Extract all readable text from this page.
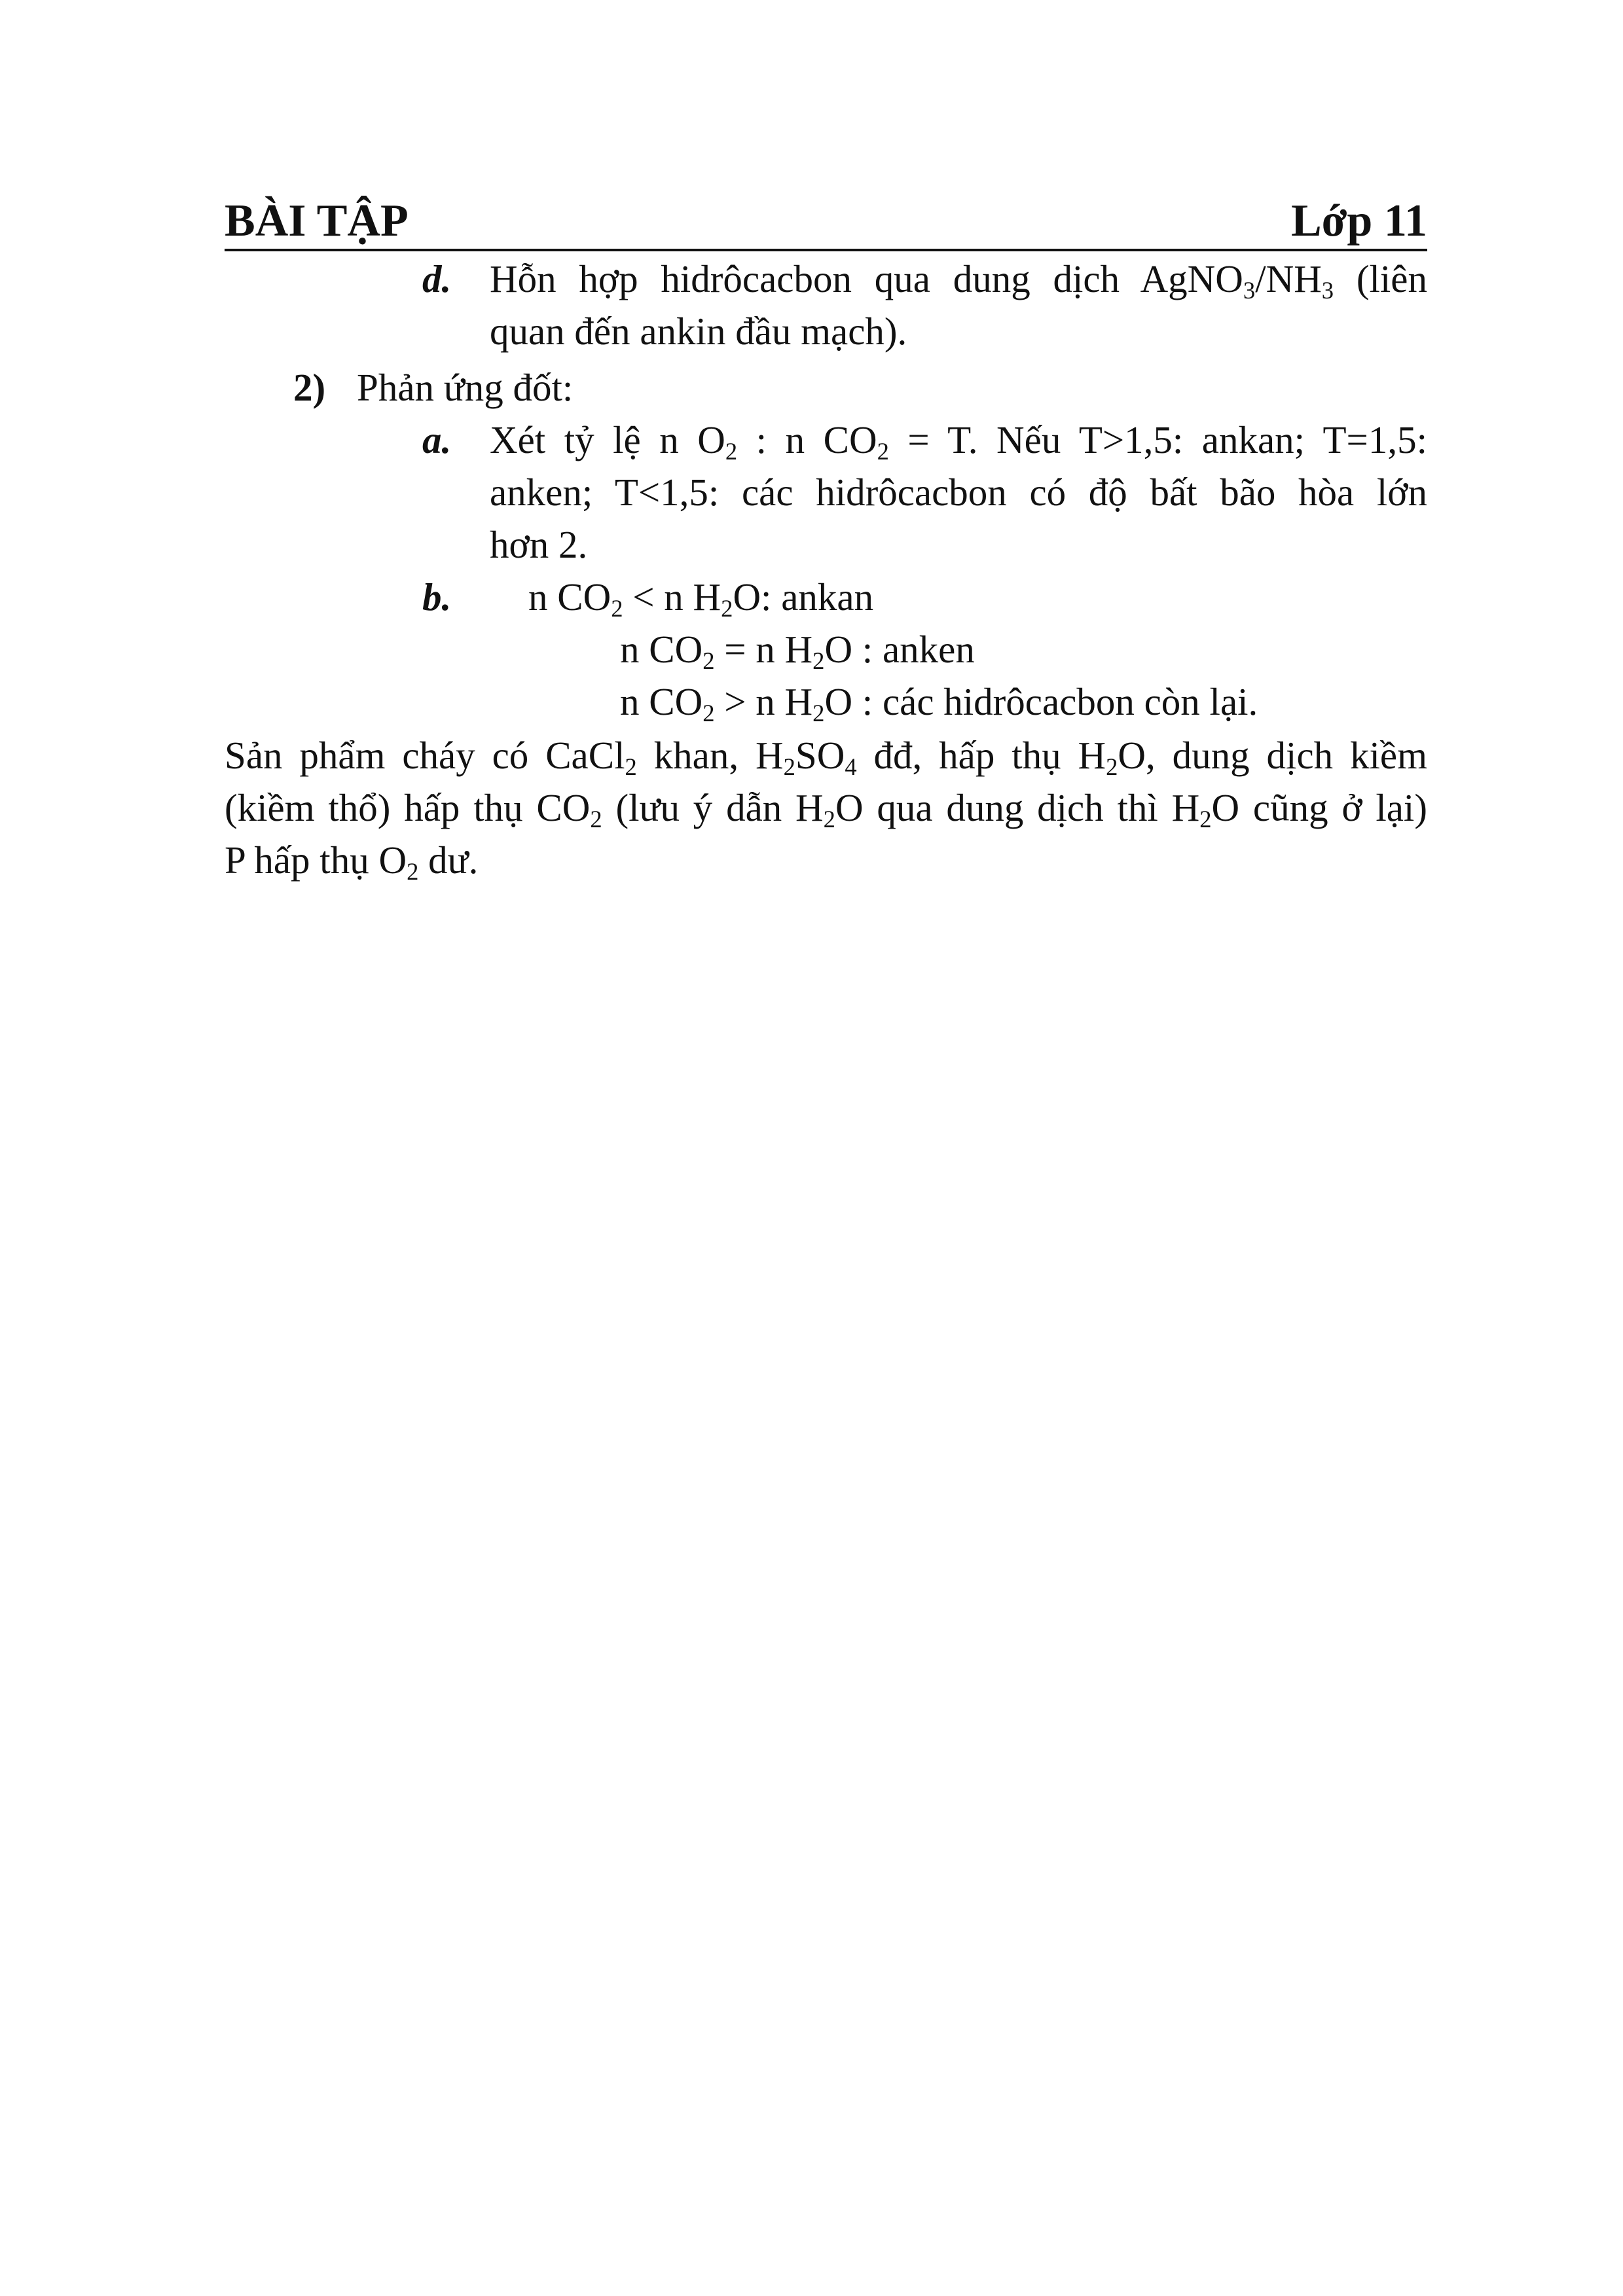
BÀI TẬP	Lớp 11
d. Hỗn hợp hidrôcacbon qua dung dịch $AgNO_3/NH_3$ (liên
quan đến ankin đầu mạch).
2) Phản ứng đốt:
a. Xét tỷ lệ n $O_2$ : n $CO_2 = T$. Nếu T>1,5: ankan; T=1,5:
anken; T<1,5: các hidrôcacbon có độ bất bão hòa lớn
hơn 2.
b. n $CO_2 < n$ $H_2O$: ankan
n $CO_2 = n$ $H_2O$ : anken
n $CO_2 > n$ $H_2O$ : các hidrôcacbon còn lại.
Sản phẩm cháy có CaCl$_2$ khan, $H_2SO_4$ đđ, hấp thụ $H_2O$, dung dịch kiềm
(kiềm thổ) hấp thụ $CO_2$ (lưu ý dẫn $H_2O$ qua dung dịch thì $H_2O$ cũng ở lại)
P hấp thụ $O_2$ dư.
